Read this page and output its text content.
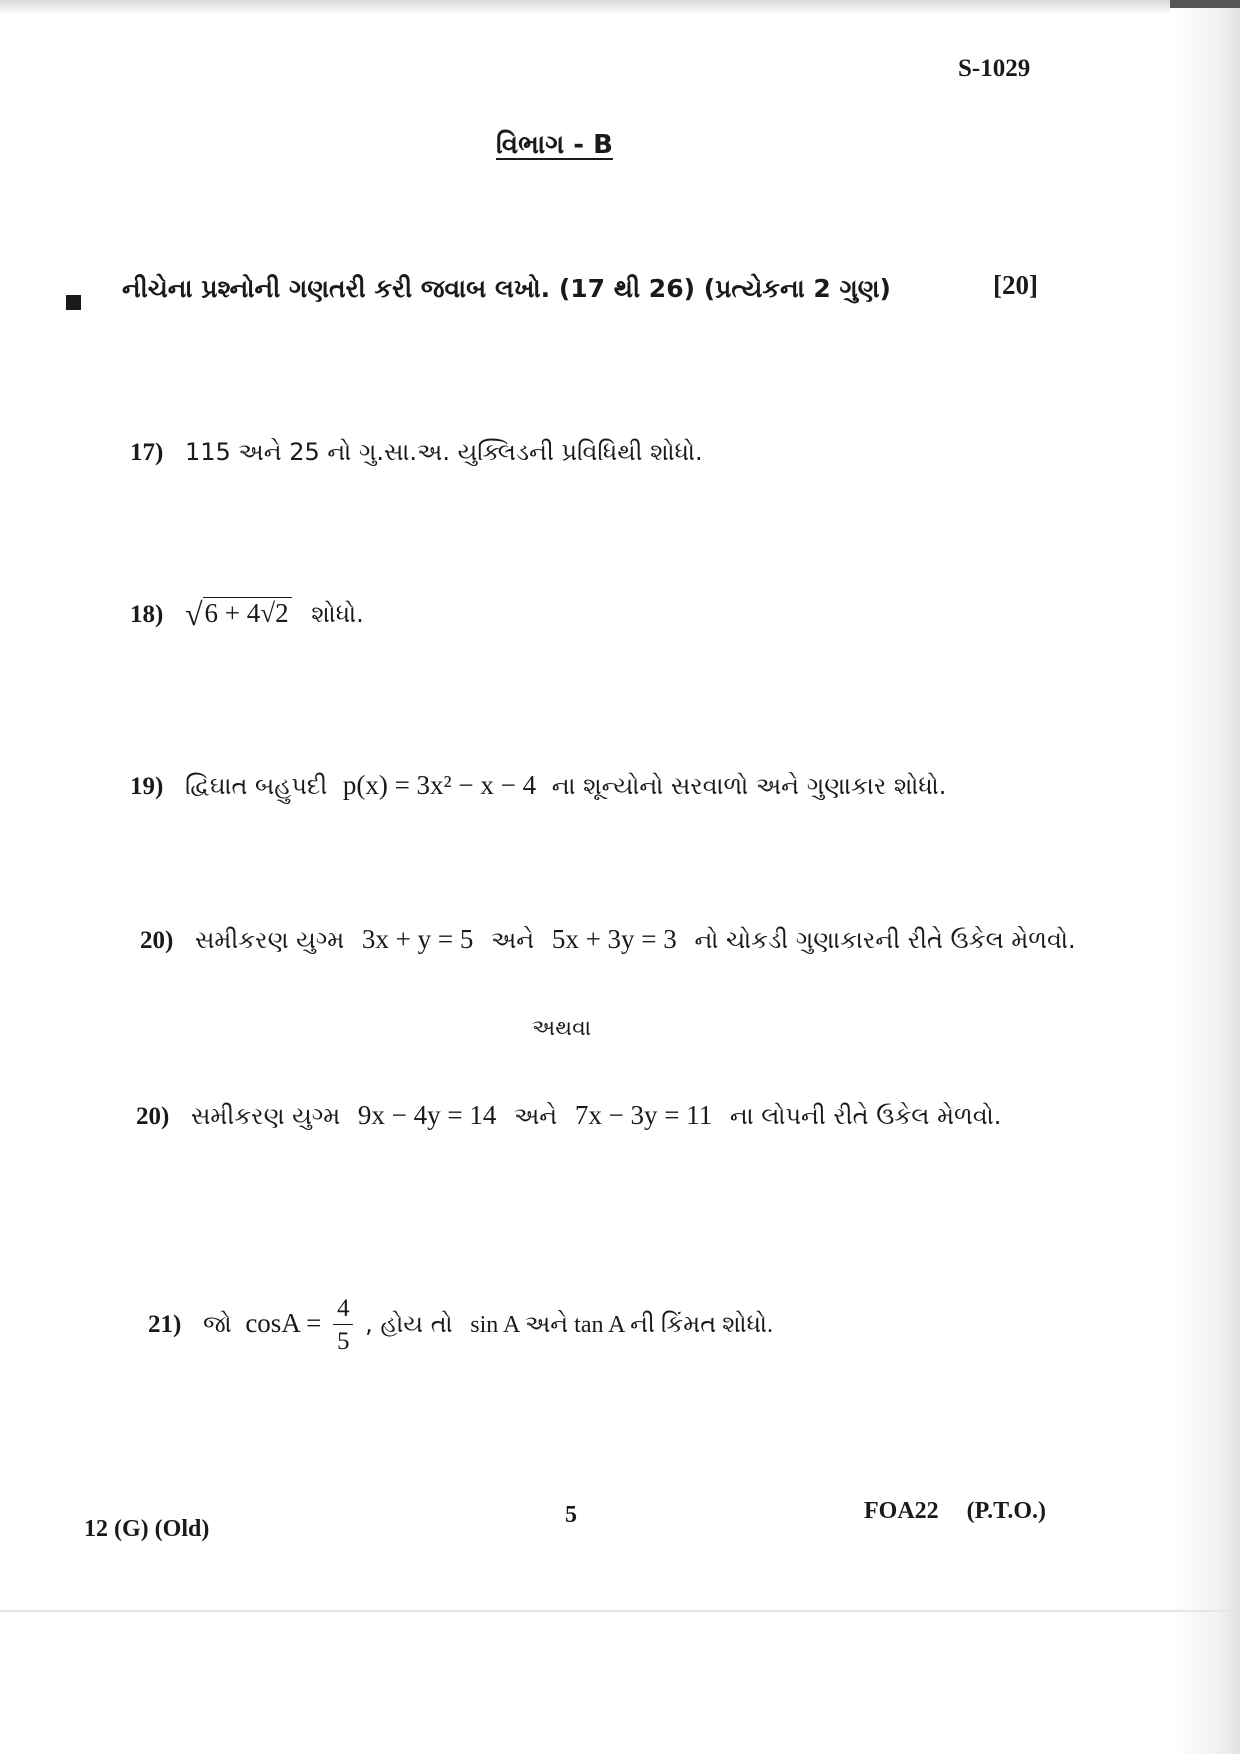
S-1029
વિભાગ - B
નીચેના પ્રશ્નોની ગણતરી કરી જવાબ લખો. (17 થી 26) (પ્રત્યેકના 2 ગુણ)	[20]
17) 115 અને 25 નો ગુ.સા.અ. યુક્લિડની પ્રવિધિથી શોધો.
18) √6 + 4√2 શોધો.
19) દ્વિઘાત બહુપદી p(x) = 3x² − x − 4 ના શૂન્યોનો સરવાળો અને ગુણાકાર શોધો.
20) સમીકરણ યુગ્મ 3x + y = 5 અને 5x + 3y = 3 નો ચોકડી ગુણાકારની રીતે ઉકેલ મેળવો.
અથવા
20) સમીકરણ યુગ્મ 9x − 4y = 14 અને 7x − 3y = 11 ના લોપની રીતે ઉકેલ મેળવો.
21) જો $\cos A = \frac{4}{5}$ , હોય તો sin A અને tan A ની કિંમત શોધો.
12 (G) (Old)
5	FOA22 (P.T.O.)
